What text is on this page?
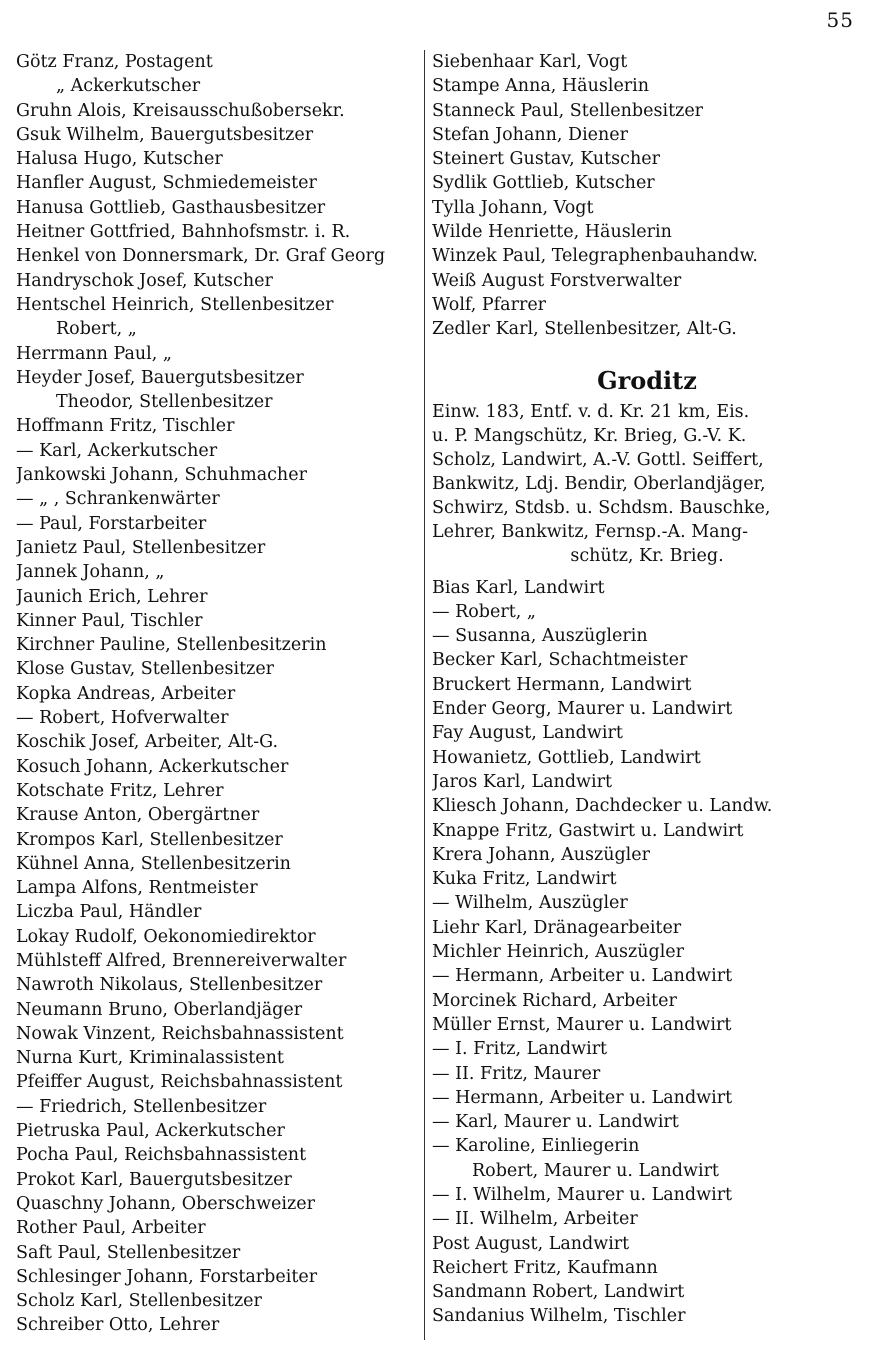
55
Götz Franz, Postagent
„ Ackerkutscher
Gruhn Alois, Kreisausschußobersekr.
Gsuk Wilhelm, Bauergutsbesitzer
Halusa Hugo, Kutscher
Hanfler August, Schmiedemeister
Hanusa Gottlieb, Gasthausbesitzer
Heitner Gottfried, Bahnhofsmstr. i. R.
Henkel von Donnersmark, Dr. Graf Georg
Handryschok Josef, Kutscher
Hentschel Heinrich, Stellenbesitzer
Robert, „
Herrmann Paul, „
Heyder Josef, Bauergutsbesitzer
Theodor, Stellenbesitzer
Hoffmann Fritz, Tischler
— Karl, Ackerkutscher
Jankowski Johann, Schuhmacher
— „ , Schrankenwärter
— Paul, Forstarbeiter
Janietz Paul, Stellenbesitzer
Jannek Johann, „
Jaunich Erich, Lehrer
Kinner Paul, Tischler
Kirchner Pauline, Stellenbesitzerin
Klose Gustav, Stellenbesitzer
Kopka Andreas, Arbeiter
— Robert, Hofverwalter
Koschik Josef, Arbeiter, Alt-G.
Kosuch Johann, Ackerkutscher
Kotschate Fritz, Lehrer
Krause Anton, Obergärtner
Krompos Karl, Stellenbesitzer
Kühnel Anna, Stellenbesitzerin
Lampa Alfons, Rentmeister
Liczba Paul, Händler
Lokay Rudolf, Oekonomiedirektor
Mühlsteff Alfred, Brennereiverwalter
Nawroth Nikolaus, Stellenbesitzer
Neumann Bruno, Oberlandjäger
Nowak Vinzent, Reichsbahnassistent
Nurna Kurt, Kriminalassistent
Pfeiffer August, Reichsbahnassistent
— Friedrich, Stellenbesitzer
Pietruska Paul, Ackerkutscher
Pocha Paul, Reichsbahnassistent
Prokot Karl, Bauergutsbesitzer
Quaschny Johann, Oberschweizer
Rother Paul, Arbeiter
Saft Paul, Stellenbesitzer
Schlesinger Johann, Forstarbeiter
Scholz Karl, Stellenbesitzer
Schreiber Otto, Lehrer
Siebenhaar Karl, Vogt
Stampe Anna, Häuslerin
Stanneck Paul, Stellenbesitzer
Stefan Johann, Diener
Steinert Gustav, Kutscher
Sydlik Gottlieb, Kutscher
Tylla Johann, Vogt
Wilde Henriette, Häuslerin
Winzek Paul, Telegraphenbauhandw.
Weiß August Forstverwalter
Wolf, Pfarrer
Zedler Karl, Stellenbesitzer, Alt-G.
Groditz
Einw. 183, Entf. v. d. Kr. 21 km, Eis.
u. P. Mangschütz, Kr. Brieg, G.-V. K.
Scholz, Landwirt, A.-V. Gottl. Seiffert,
Bankwitz, Ldj. Bendir, Oberlandjäger,
Schwirz, Stdsb. u. Schdsm. Bauschke,
Lehrer, Bankwitz, Fernsp.-A. Mang-
schütz, Kr. Brieg.
Bias Karl, Landwirt
— Robert, „
— Susanna, Auszüglerin
Becker Karl, Schachtmeister
Bruckert Hermann, Landwirt
Ender Georg, Maurer u. Landwirt
Fay August, Landwirt
Howanietz, Gottlieb, Landwirt
Jaros Karl, Landwirt
Kliesch Johann, Dachdecker u. Landw.
Knappe Fritz, Gastwirt u. Landwirt
Krera Johann, Auszügler
Kuka Fritz, Landwirt
— Wilhelm, Auszügler
Liehr Karl, Dränagearbeiter
Michler Heinrich, Auszügler
— Hermann, Arbeiter u. Landwirt
Morcinek Richard, Arbeiter
Müller Ernst, Maurer u. Landwirt
— I. Fritz, Landwirt
— II. Fritz, Maurer
— Hermann, Arbeiter u. Landwirt
— Karl, Maurer u. Landwirt
— Karoline, Einliegerin
Robert, Maurer u. Landwirt
— I. Wilhelm, Maurer u. Landwirt
— II. Wilhelm, Arbeiter
Post August, Landwirt
Reichert Fritz, Kaufmann
Sandmann Robert, Landwirt
Sandanius Wilhelm, Tischler
